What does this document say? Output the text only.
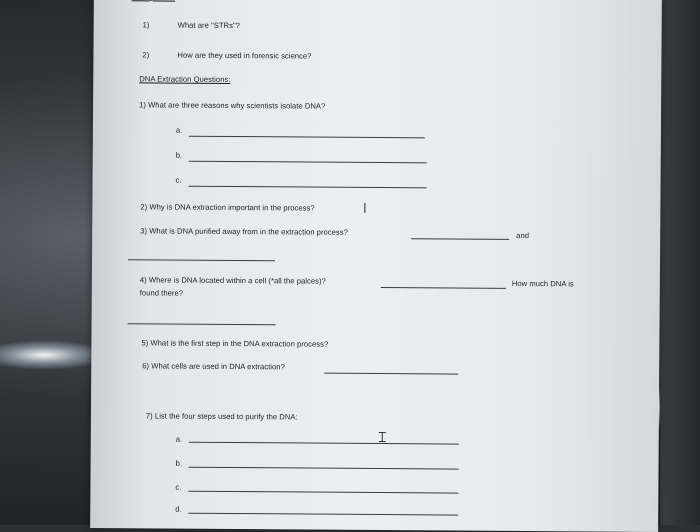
1)	What are "STRs"?
2)	How are they used in forensic science?
DNA Extraction Questions:
1) What are three reasons why scientists isolate DNA?
a.
b.
c.
2) Why is DNA extraction important in the process?
3) What is DNA purified away from in the extraction process?	and
4) Where is DNA located within a cell (*all the palces)?	How much DNA is
found there?
5) What is the first step in the DNA extraction process?
6) What cells are used in DNA extraction?
7) List the four steps used to purify the DNA:
a.
b.
c.
d.
